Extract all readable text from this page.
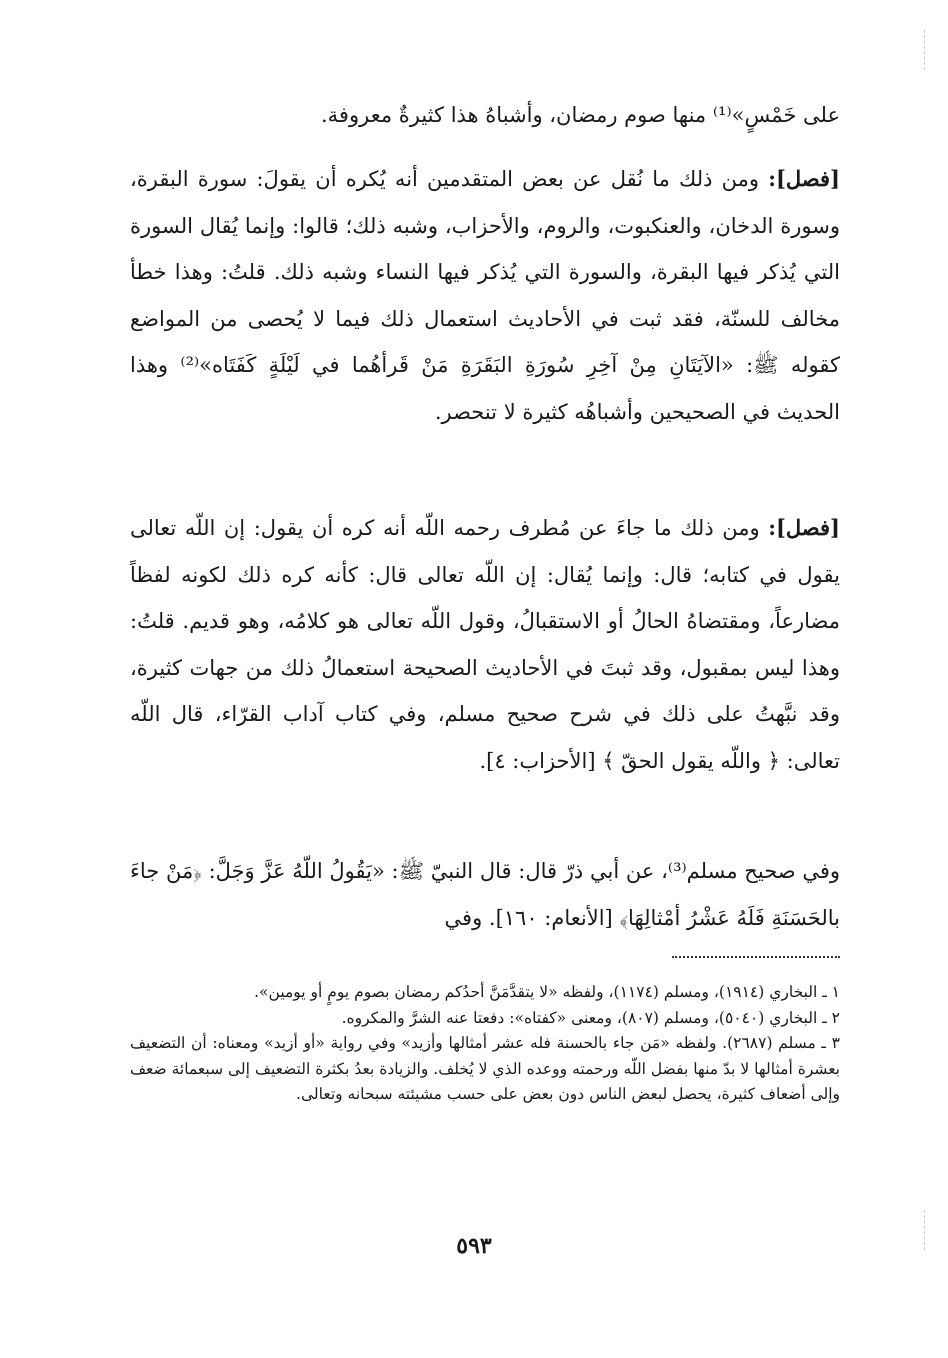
على خَمْسٍ»⁽¹⁾ منها صوم رمضان، وأشباهُ هذا كثيرةٌ معروفة.

[فصل]: ومن ذلك ما نُقل عن بعض المتقدمين أنه يُكره أن يقولَ: سورة البقرة، وسورة الدخان، والعنكبوت، والروم، والأحزاب، وشبه ذلك؛ قالوا: وإنما يُقال السورة التي يُذكر فيها البقرة، والسورة التي يُذكر فيها النساء وشبه ذلك. قلتُ: وهذا خطأ مخالف للسنّة، فقد ثبت في الأحاديث استعمال ذلك فيما لا يُحصى من المواضع كقوله ﷺ: «الآيَتَانِ مِنْ آخِرِ سُورَةِ البَقَرَةِ مَنْ قَرأهُما في لَيْلَةٍ كَفَتَاه»⁽²⁾ وهذا الحديث في الصحيحين وأشباهُه كثيرة لا تنحصر.

[فصل]: ومن ذلك ما جاءَ عن مُطرف رحمه اللّه أنه كره أن يقول: إن اللّه تعالى يقول في كتابه؛ قال: وإنما يُقال: إن اللّه تعالى قال: كأنه كره ذلك لكونه لفظاً مضارعاً، ومقتضاهُ الحالُ أو الاستقبالُ، وقول اللّه تعالى هو كلامُه، وهو قديم. قلتُ: وهذا ليس بمقبول، وقد ثبتَ في الأحاديث الصحيحة استعمالُ ذلك من جهات كثيرة، وقد نبَّهتُ على ذلك في شرح صحيح مسلم، وفي كتاب آداب القرّاء، قال اللّه تعالى: ﴿ واللّه يقول الحقّ ﴾ [الأحزاب: ٤].

وفي صحيح مسلم⁽³⁾، عن أبي ذرّ قال: قال النبيّ ﷺ: «يَقُولُ اللّهُ عَزَّ وَجَلَّ: ﴿مَنْ جاءَ بالحَسَنَةِ فَلَهُ عَشْرُ أمْثالِهَا﴾ [الأنعام: ١٦٠]. وفي

١ ـ البخاري (١٩١٤)، ومسلم (١١٧٤)، ولفظه «لا يتقدَّمَنَّ أحدُكم رمضان بصوم يومٍ أو يومين».

٢ ـ البخاري (٥٠٤٠)، ومسلم (٨٠٧)، ومعنى «كفتاه»: دفعتا عنه الشرَّ والمكروه.

٣ ـ مسلم (٢٦٨٧). ولفظه «مَن جاء بالحسنة فله عشر أمثالها وأزيد» وفي رواية «أو أزيد» ومعناه: أن التضعيف بعشرة أمثالها لا بدّ منها بفضل اللّه ورحمته ووعده الذي لا يُخلف. والزيادة بعدُ بكثرة التضعيف إلى سبعمائة ضعف وإلى أضعاف كثيرة، يحصل لبعض الناس دون بعض على حسب مشيئته سبحانه وتعالى.

٥٩٣
